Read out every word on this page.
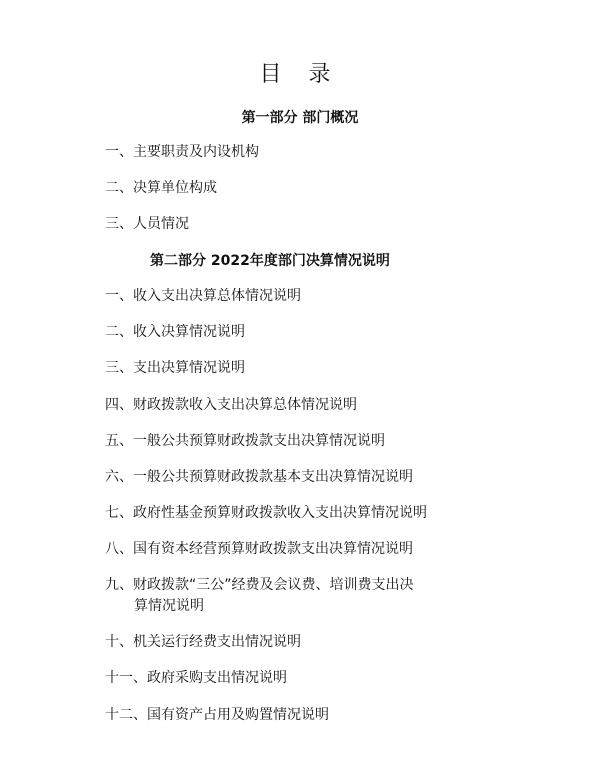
目 录
第一部分 部门概况
一、主要职责及内设机构
二、决算单位构成
三、人员情况
第二部分 2022年度部门决算情况说明
一、收入支出决算总体情况说明
二、收入决算情况说明
三、支出决算情况说明
四、财政拨款收入支出决算总体情况说明
五、一般公共预算财政拨款支出决算情况说明
六、一般公共预算财政拨款基本支出决算情况说明
七、政府性基金预算财政拨款收入支出决算情况说明
八、国有资本经营预算财政拨款支出决算情况说明
九、财政拨款“三公”经费及会议费、培训费支出决
算情况说明
十、机关运行经费支出情况说明
十一、政府采购支出情况说明
十二、国有资产占用及购置情况说明
